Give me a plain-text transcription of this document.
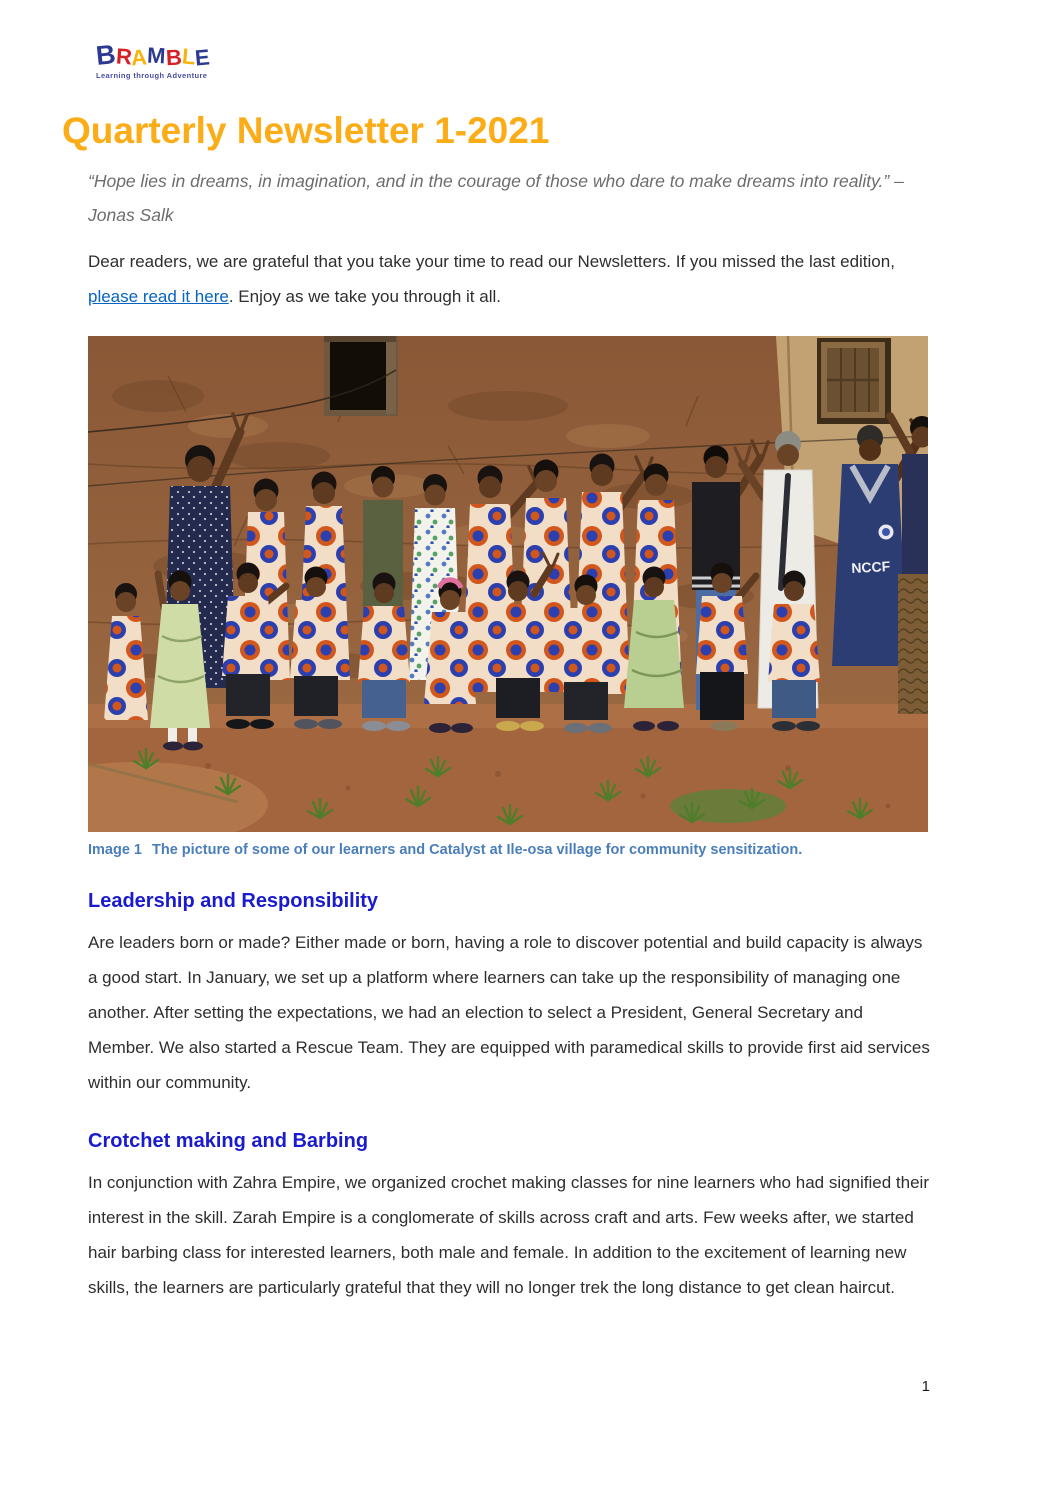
B
R
A
M
B
L
E
Learning through Adventure
Quarterly Newsletter 1-2021
“Hope lies in dreams, in imagination, and in the courage of those who dare to make dreams into reality.” – Jonas Salk

Dear readers, we are grateful that you take your time to read our Newsletters. If you missed the last edition, please read it here. Enjoy as we take you through it all.

NCCF
Image 1 The picture of some of our learners and Catalyst at Ile-osa village for community sensitization.
Leadership and Responsibility

Are leaders born or made? Either made or born, having a role to discover potential and build capacity is always a good start. In January, we set up a platform where learners can take up the responsibility of managing one another. After setting the expectations, we had an election to select a President, General Secretary and Member. We also started a Rescue Team. They are equipped with paramedical skills to provide first aid services within our community.

Crotchet making and Barbing

In conjunction with Zahra Empire, we organized crochet making classes for nine learners who had signified their interest in the skill. Zarah Empire is a conglomerate of skills across craft and arts. Few weeks after, we started hair barbing class for interested learners, both male and female. In addition to the excitement of learning new skills, the learners are particularly grateful that they will no longer trek the long distance to get clean haircut.

1
